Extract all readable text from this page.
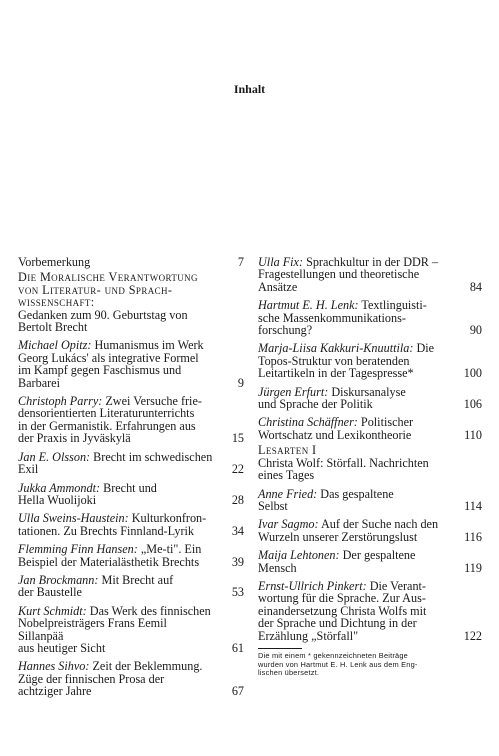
Inhalt
Vorbemerkung	7
Die Moralische Verantwortung
von Literatur- und Sprach-
wissenschaft:
Gedanken zum 90. Geburtstag von
Bertolt Brecht
Michael Opitz: Humanismus im Werk
Georg Lukács' als integrative Formel
im Kampf gegen Faschismus und
Barbarei	9
Christoph Parry: Zwei Versuche frie-
densorientierten Literaturunterrichts
in der Germanistik. Erfahrungen aus
der Praxis in Jyväskylä	15
Jan E. Olsson: Brecht im schwedischen
Exil	22
Jukka Ammondt: Brecht und
Hella Wuolijoki	28
Ulla Sweins-Haustein: Kulturkonfron-
tationen. Zu Brechts Finnland-Lyrik	34
Flemming Finn Hansen: „Me-ti". Ein
Beispiel der Materialästhetik Brechts	39
Jan Brockmann: Mit Brecht auf
der Baustelle	53
Kurt Schmidt: Das Werk des finnischen
Nobelpreisträgers Frans Eemil Sillanpää
aus heutiger Sicht	61
Hannes Sihvo: Zeit der Beklemmung.
Züge der finnischen Prosa der
achtziger Jahre	67
Ulla Fix: Sprachkultur in der DDR –
Fragestellungen und theoretische
Ansätze	84
Hartmut E. H. Lenk: Textlinguisti-
sche Massenkommunikations-
forschung?	90
Marja-Liisa Kakkuri-Knuuttila: Die
Topos-Struktur von beratenden
Leitartikeln in der Tagespresse*	100
Jürgen Erfurt: Diskursanalyse
und Sprache der Politik	106
Christina Schäffner: Politischer
Wortschatz und Lexikontheorie	110
Lesarten I
Christa Wolf: Störfall. Nachrichten
eines Tages
Anne Fried: Das gespaltene
Selbst	114
Ivar Sagmo: Auf der Suche nach den
Wurzeln unserer Zerstörungslust	116
Maija Lehtonen: Der gespaltene
Mensch	119
Ernst-Ullrich Pinkert: Die Verant-
wortung für die Sprache. Zur Aus-
einandersetzung Christa Wolfs mit
der Sprache und Dichtung in der
Erzählung „Störfall"	122
Die mit einem * gekennzeichneten Beiträge
wurden von Hartmut E. H. Lenk aus dem Eng-
lischen übersetzt.
